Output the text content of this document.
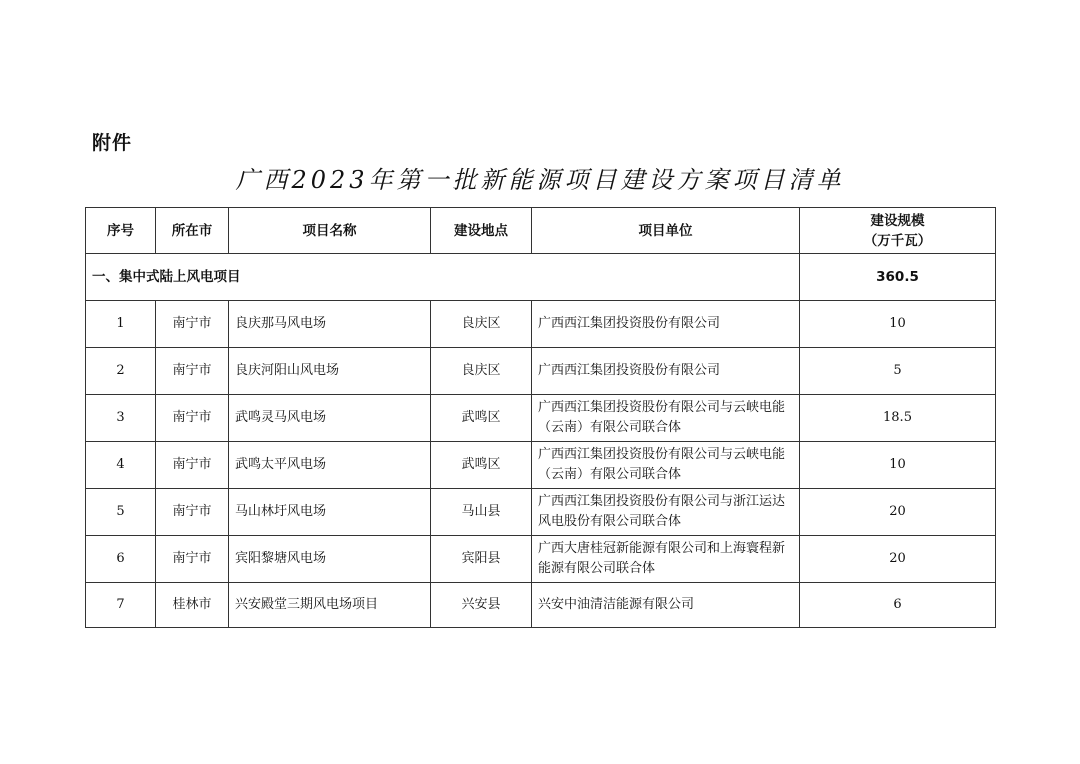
附件
广西2023年第一批新能源项目建设方案项目清单
序号	所在市	项目名称	建设地点	项目单位	建设规模
（万千瓦）

一、集中式陆上风电项目					360.5
1	南宁市	良庆那马风电场	良庆区	广西西江集团投资股份有限公司	10
2	南宁市	良庆河阳山风电场	良庆区	广西西江集团投资股份有限公司	5
3	南宁市	武鸣灵马风电场	武鸣区	广西西江集团投资股份有限公司与云峡电能（云南）有限公司联合体	18.5
4	南宁市	武鸣太平风电场	武鸣区	广西西江集团投资股份有限公司与云峡电能（云南）有限公司联合体	10
5	南宁市	马山林圩风电场	马山县	广西西江集团投资股份有限公司与浙江运达风电股份有限公司联合体	20
6	南宁市	宾阳黎塘风电场	宾阳县	广西大唐桂冠新能源有限公司和上海寰程新能源有限公司联合体	20
7	桂林市	兴安殿堂三期风电场项目	兴安县	兴安中油清洁能源有限公司	6
